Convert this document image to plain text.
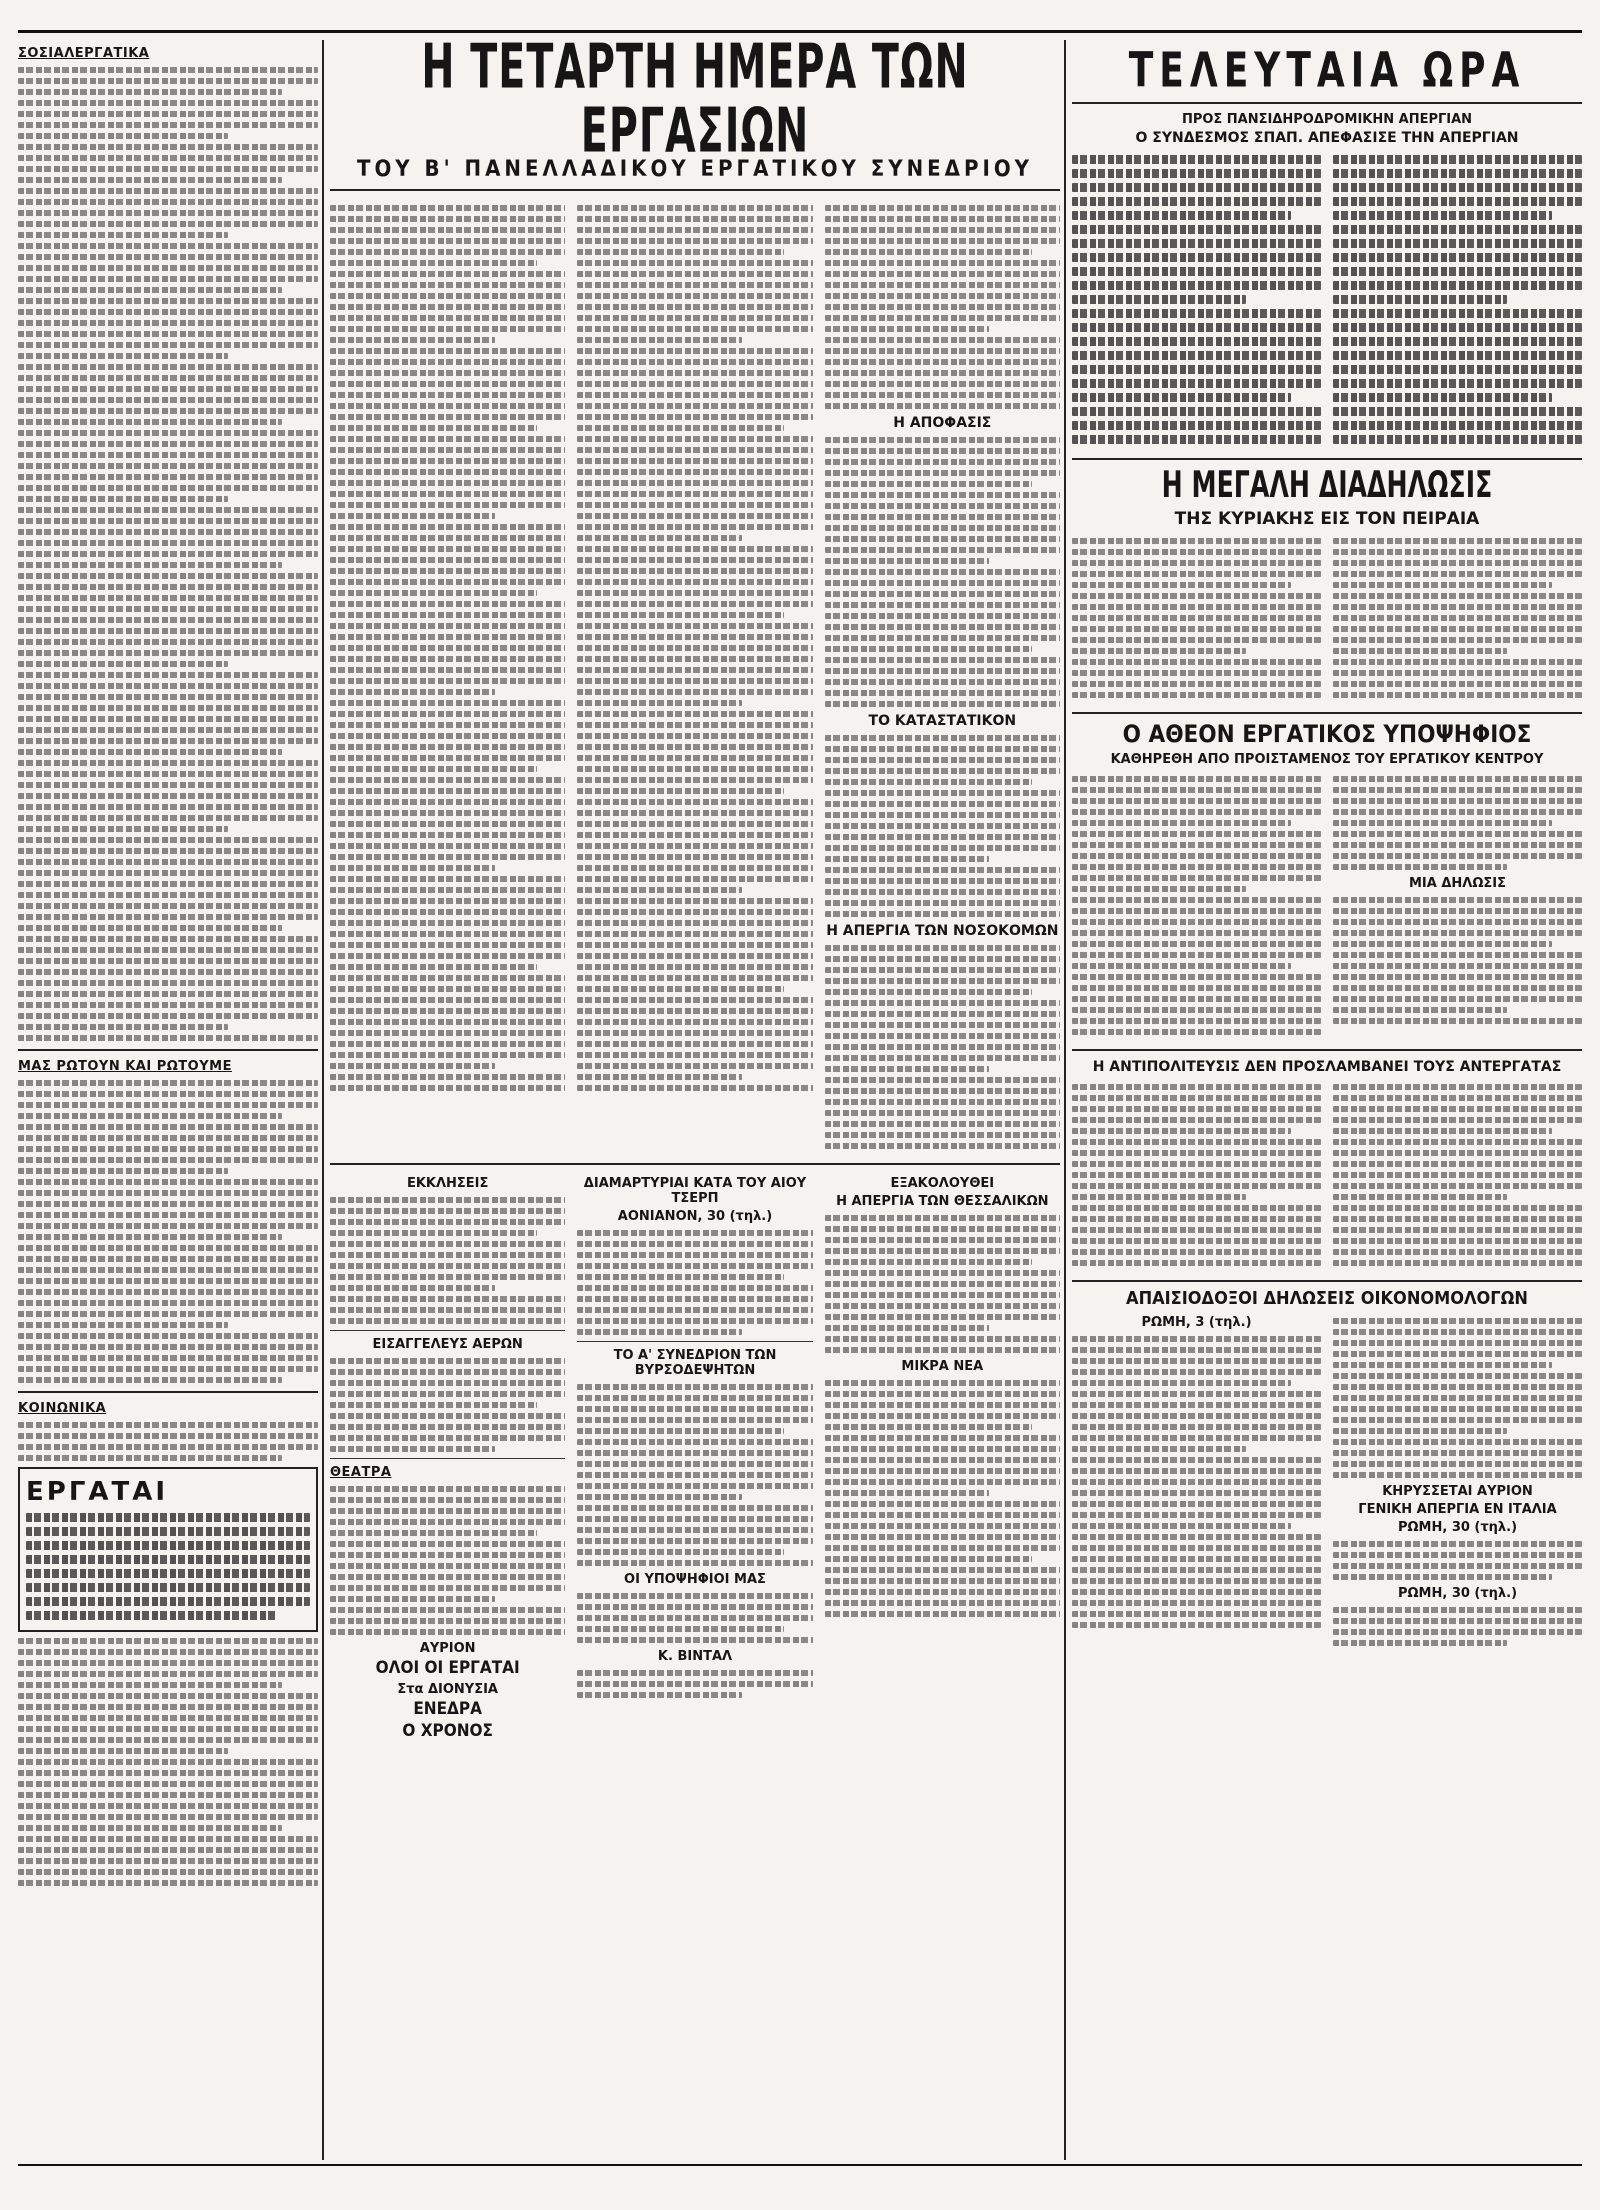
ΣΟΣΙΑΛΕΡΓΑΤΙΚΑ
ΜΑΣ ΡΩΤΟΥΝ ΚΑΙ ΡΩΤΟΥΜΕ
ΚΟΙΝΩΝΙΚΑ
ΕΡΓΑΤΑΙ
Η ΤΕΤΑΡΤΗ ΗΜΕΡΑ ΤΩΝ ΕΡΓΑΣΙΩΝ
ΤΟΥ Β' ΠΑΝΕΛΛΑΔΙΚΟΥ ΕΡΓΑΤΙΚΟΥ ΣΥΝΕΔΡΙΟΥ
Η ΑΠΟΦΑΣΙΣ
ΤΟ ΚΑΤΑΣΤΑΤΙΚΟΝ
Η ΑΠΕΡΓΙΑ ΤΩΝ ΝΟΣΟΚΟΜΩΝ
ΕΚΚΛΗΣΕΙΣ
ΕΙΣΑΓΓΕΛΕΥΣ ΑΕΡΩΝ
ΘΕΑΤΡΑ
ΑΥΡΙΟΝ
ΟΛΟΙ ΟΙ ΕΡΓΑΤΑΙ
Στα ΔΙΟΝΥΣΙΑ
ΕΝΕΔΡΑ
Ο ΧΡΟΝΟΣ
ΔΙΑΜΑΡΤΥΡΙΑΙ ΚΑΤΑ ΤΟΥ ΑΙΟΥ ΤΣΕΡΠ
ΑΟΝΙΑΝΟΝ, 30 (τηλ.)
ΤΟ Α' ΣΥΝΕΔΡΙΟΝ ΤΩΝ ΒΥΡΣΟΔΕΨΗΤΩΝ
ΟΙ ΥΠΟΨΗΦΙΟΙ ΜΑΣ
Κ. ΒΙΝΤΑΛ
ΕΞΑΚΟΛΟΥΘΕΙ
Η ΑΠΕΡΓΙΑ ΤΩΝ ΘΕΣΣΑΛΙΚΩΝ
ΜΙΚΡΑ ΝΕΑ
ΤΕΛΕΥΤΑΙΑ ΩΡΑ
ΠΡΟΣ ΠΑΝΣΙΔΗΡΟΔΡΟΜΙΚΗΝ ΑΠΕΡΓΙΑΝ
Ο ΣΥΝΔΕΣΜΟΣ ΣΠΑΠ. ΑΠΕΦΑΣΙΣΕ ΤΗΝ ΑΠΕΡΓΙΑΝ
Η ΜΕΓΑΛΗ ΔΙΑΔΗΛΩΣΙΣ
ΤΗΣ ΚΥΡΙΑΚΗΣ ΕΙΣ ΤΟΝ ΠΕΙΡΑΙΑ
Ο ΑΘΕΟΝ ΕΡΓΑΤΙΚΟΣ ΥΠΟΨΗΦΙΟΣ
ΚΑΘΗΡΕΘΗ ΑΠΟ ΠΡΟΙΣΤΑΜΕΝΟΣ ΤΟΥ ΕΡΓΑΤΙΚΟΥ ΚΕΝΤΡΟΥ
ΜΙΑ ΔΗΛΩΣΙΣ
Η ΑΝΤΙΠΟΛΙΤΕΥΣΙΣ ΔΕΝ ΠΡΟΣΛΑΜΒΑΝΕΙ ΤΟΥΣ ΑΝΤΕΡΓΑΤΑΣ
ΑΠΑΙΣΙΟΔΟΞΟΙ ΔΗΛΩΣΕΙΣ ΟΙΚΟΝΟΜΟΛΟΓΩΝ
ΡΩΜΗ, 3 (τηλ.)
ΚΗΡΥΣΣΕΤΑΙ ΑΥΡΙΟΝ
ΓΕΝΙΚΗ ΑΠΕΡΓΙΑ ΕΝ ΙΤΑΛΙΑ
ΡΩΜΗ, 30 (τηλ.)
ΡΩΜΗ, 30 (τηλ.)
